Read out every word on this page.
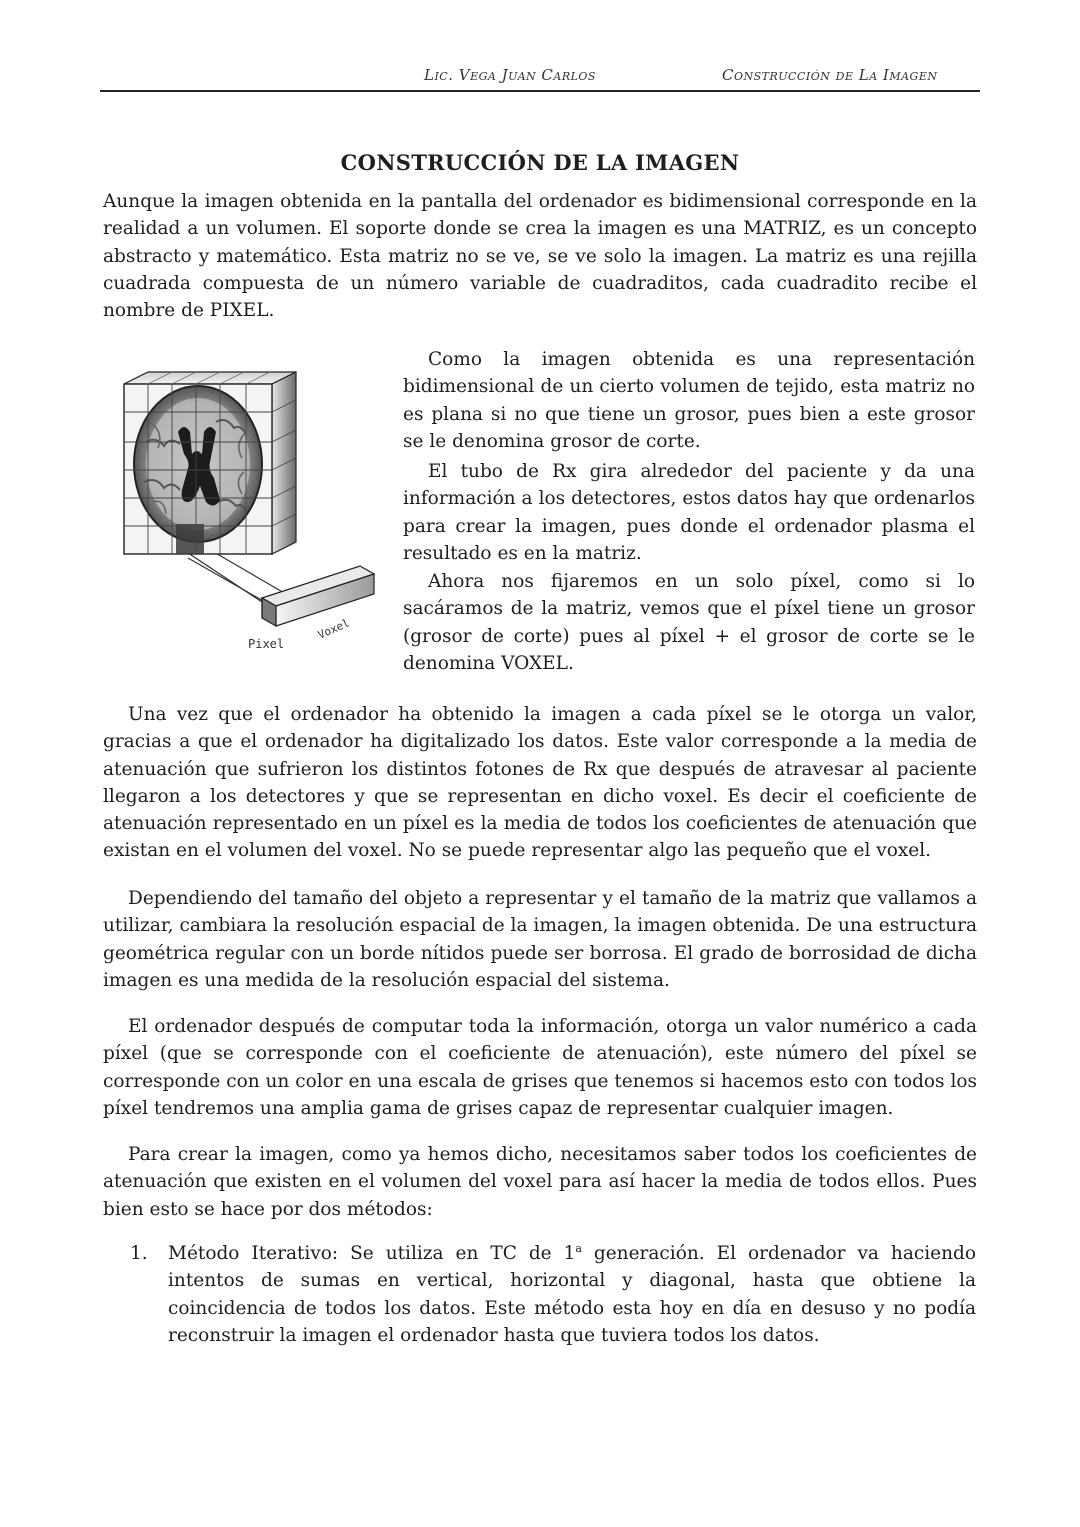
Lic. Vega Juan Carlos	Construcción de La Imagen
CONSTRUCCIÓN DE LA IMAGEN

Aunque la imagen obtenida en la pantalla del ordenador es bidimensional corresponde en la realidad a un volumen. El soporte donde se crea la imagen es una MATRIZ, es un concepto abstracto y matemático. Esta matriz no se ve, se ve solo la imagen. La matriz es una rejilla cuadrada compuesta de un número variable de cuadraditos, cada cuadradito recibe el nombre de PIXEL.

Pixel
Voxel

Como la imagen obtenida es una representación bidimensional de un cierto volumen de tejido, esta matriz no es plana si no que tiene un grosor, pues bien a este grosor se le denomina grosor de corte.

El tubo de Rx gira alrededor del paciente y da una información a los detectores, estos datos hay que ordenarlos para crear la imagen, pues donde el ordenador plasma el resultado es en la matriz.

Ahora nos fijaremos en un solo píxel, como si lo sacáramos de la matriz, vemos que el píxel tiene un grosor (grosor de corte) pues al píxel + el grosor de corte se le denomina VOXEL.

Una vez que el ordenador ha obtenido la imagen a cada píxel se le otorga un valor, gracias a que el ordenador ha digitalizado los datos. Este valor corresponde a la media de atenuación que sufrieron los distintos fotones de Rx que después de atravesar al paciente llegaron a los detectores y que se representan en dicho voxel. Es decir el coeficiente de atenuación representado en un píxel es la media de todos los coeficientes de atenuación que existan en el volumen del voxel. No se puede representar algo las pequeño que el voxel.

Dependiendo del tamaño del objeto a representar y el tamaño de la matriz que vallamos a utilizar, cambiara la resolución espacial de la imagen, la imagen obtenida. De una estructura geométrica regular con un borde nítidos puede ser borrosa. El grado de borrosidad de dicha imagen es una medida de la resolución espacial del sistema.

El ordenador después de computar toda la información, otorga un valor numérico a cada píxel (que se corresponde con el coeficiente de atenuación), este número del píxel se corresponde con un color en una escala de grises que tenemos si hacemos esto con todos los píxel tendremos una amplia gama de grises capaz de representar cualquier imagen.

Para crear la imagen, como ya hemos dicho, necesitamos saber todos los coeficientes de atenuación que existen en el volumen del voxel para así hacer la media de todos ellos. Pues bien esto se hace por dos métodos:

1. Método Iterativo: Se utiliza en TC de 1$^a$ generación. El ordenador va haciendo intentos de sumas en vertical, horizontal y diagonal, hasta que obtiene la coincidencia de todos los datos. Este método esta hoy en día en desuso y no podía reconstruir la imagen el ordenador hasta que tuviera todos los datos.
